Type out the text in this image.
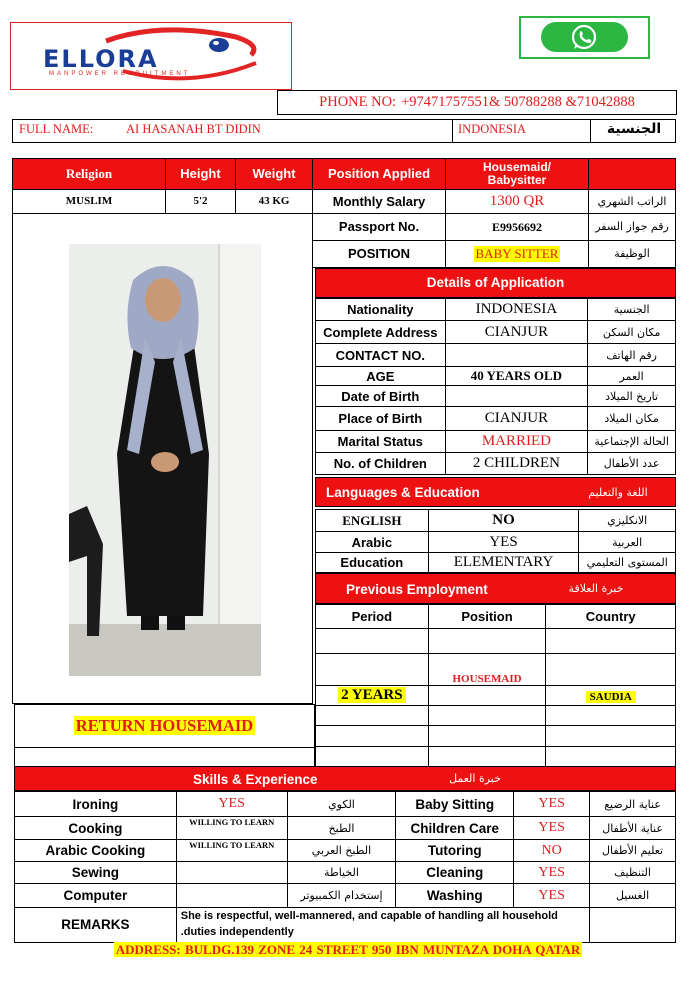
ELLORA
MANPOWER RECRUITMENT
PHONE NO: +97471757551& 50788288 &71042888
FULL NAME:	AI HASANAH BT DIDIN	INDONESIA	الجنسية
Religion	Height	Weight	Position Applied	Housemaid/ Babysitter
MUSLIM	5'2	43 KG	Monthly Salary	1300 QR	الراتب الشهري
Passport No.	E9956692	رقم جواز السفر
POSITION	BABY SITTER	الوظيفة
Details of Application
Nationality	INDONESIA	الجنسية
Complete Address	CIANJUR	مكان السكن
CONTACT NO.		رقم الهاتف
AGE	40 YEARS OLD	العمر
Date of Birth		تاريخ الميلاد
Place of Birth	CIANJUR	مكان الميلاد
Marital Status	MARRIED	الحالة الإجتماعية
No. of Children	2 CHILDREN	عدد الأطفال
Languages & Education	اللغة والتعليم
ENGLISH	NO	الانكليزي
Arabic	YES	العربية
Education	ELEMENTARY	المستوى التعليمي
Previous Employment	خبرة العلاقة
Period	Position	Country

	HOUSEMAID	
2 YEARS		SAUDIA

RETURN HOUSEMAID
Skills & Experience	خبرة العمل
Ironing	YES	الكوي	Baby Sitting	YES	عناية الرضيع
Cooking	WILLING TO LEARN	الطبخ	Children Care	YES	عناية الأطفال
Arabic Cooking	WILLING TO LEARN	الطبخ العربي	Tutoring	NO	تعليم الأطفال
Sewing		الخياطة	Cleaning	YES	التنظيف
Computer		إستخدام الكمبيوتر	Washing	YES	الغسيل
REMARKS	She is respectful, well-mannered, and capable of handling all household .duties independently				
ADDRESS: BULDG.139 ZONE 24 STREET 950 IBN MUNTAZA DOHA QATAR
